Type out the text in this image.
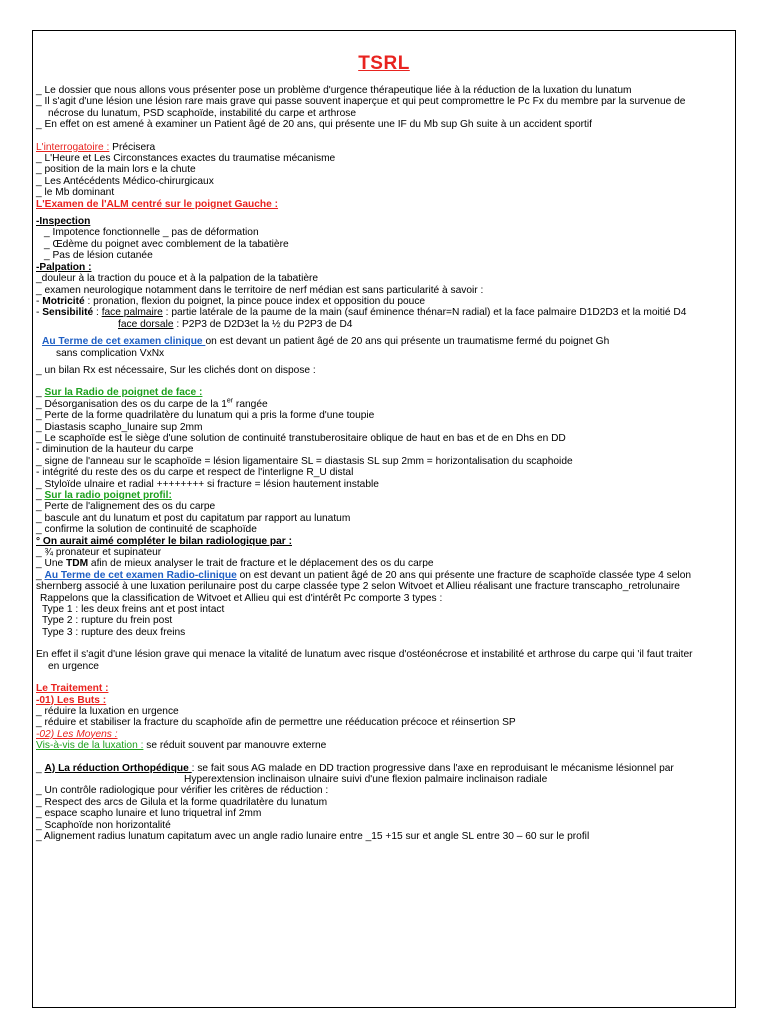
TSRL
_ Le dossier que nous allons vous présenter pose un problème d'urgence thérapeutique liée à la réduction de la luxation du lunatum
_ Il s'agit d'une lésion une lésion rare mais grave qui passe souvent inaperçue et qui peut compromettre le Pc Fx du membre par la survenue de
nécrose du lunatum, PSD scaphoïde, instabilité du carpe et arthrose
_ En effet on est amené à examiner un Patient âgé de 20 ans, qui présente une IF du Mb sup Gh suite à un accident sportif
L'interrogatoire : Précisera
_ L'Heure et Les Circonstances exactes du traumatise mécanisme
_ position de la main lors e la chute
_ Les Antécédents Médico-chirurgicaux
_ le Mb dominant
L'Examen de l'ALM centré sur le poignet Gauche :
-Inspection
_ Impotence fonctionnelle _ pas de déformation
_ Œdème du poignet avec comblement de la tabatière
_ Pas de lésion cutanée
-Palpation :
_douleur à la traction du pouce et à la palpation de la tabatière
_ examen neurologique notamment dans le territoire de nerf médian est sans particularité à savoir :
- Motricité : pronation, flexion du poignet, la pince pouce index et opposition du pouce
- Sensibilité : face palmaire : partie latérale de la paume de la main (sauf éminence thénar=N radial) et la face palmaire D1D2D3 et la moitié D4
face dorsale : P2P3 de D2D3et la ½ du P2P3 de D4
Au Terme de cet examen clinique on est devant un patient âgé de 20 ans qui présente un traumatisme fermé du poignet Gh
sans complication VxNx
_ un bilan Rx est nécessaire, Sur les clichés dont on dispose :
_ Sur la Radio de poignet de face :
_ Désorganisation des os du carpe de la 1er rangée
_ Perte de la forme quadrilatère du lunatum qui a pris la forme d'une toupie
_ Diastasis scapho_lunaire sup 2mm
_ Le scaphoïde est le siège d'une solution de continuité transtuberositaire oblique de haut en bas et de en Dhs en DD
- diminution de la hauteur du carpe
_ signe de l'anneau sur le scaphoïde = lésion ligamentaire SL = diastasis SL sup 2mm = horizontalisation du scaphoide
- intégrité du reste des os du carpe et respect de l'interligne R_U distal
_ Styloïde ulnaire et radial ++++++++ si fracture = lésion hautement instable
_ Sur la radio poignet profil:
_ Perte de l'alignement des os du carpe
_ bascule ant du lunatum et post du capitatum par rapport au lunatum
_ confirme la solution de continuité de scaphoïde
° On aurait aimé compléter le bilan radiologique par :
_ ¾ pronateur et supinateur
_ Une TDM afin de mieux analyser le trait de fracture et le déplacement des os du carpe
_ Au Terme de cet examen Radio-clinique on est devant un patient âgé de 20 ans qui présente une fracture de scaphoïde classée type 4 selon
shernberg associé à une luxation perilunaire post du carpe classée type 2 selon Witvoet et Allieu réalisant une fracture transcapho_retrolunaire
Rappelons que la classification de Witvoet et Allieu qui est d'intérêt Pc comporte 3 types :
Type 1 : les deux freins ant et post intact
Type 2 : rupture du frein post
Type 3 : rupture des deux freins
En effet il s'agit d'une lésion grave qui menace la vitalité de lunatum avec risque d'ostéonécrose et instabilité et arthrose du carpe qui 'il faut traiter
en urgence
Le Traitement :
-01) Les Buts :
_ réduire la luxation en urgence
_ réduire et stabiliser la fracture du scaphoïde afin de permettre une rééducation précoce et réinsertion SP
-02) Les Moyens :
Vis-à-vis de la luxation : se réduit souvent par manouvre externe
_ A) La réduction Orthopédique : se fait sous AG malade en DD traction progressive dans l'axe en reproduisant le mécanisme lésionnel par
Hyperextension inclinaison ulnaire suivi d'une flexion palmaire inclinaison radiale
_ Un contrôle radiologique pour vérifier les critères de réduction :
_ Respect des arcs de Gilula et la forme quadrilatère du lunatum
_ espace scapho lunaire et luno triquetral inf 2mm
_ Scaphoïde non horizontalité
_ Alignement radius lunatum capitatum avec un angle radio lunaire entre _15 +15 sur et angle SL entre 30 – 60 sur le profil
